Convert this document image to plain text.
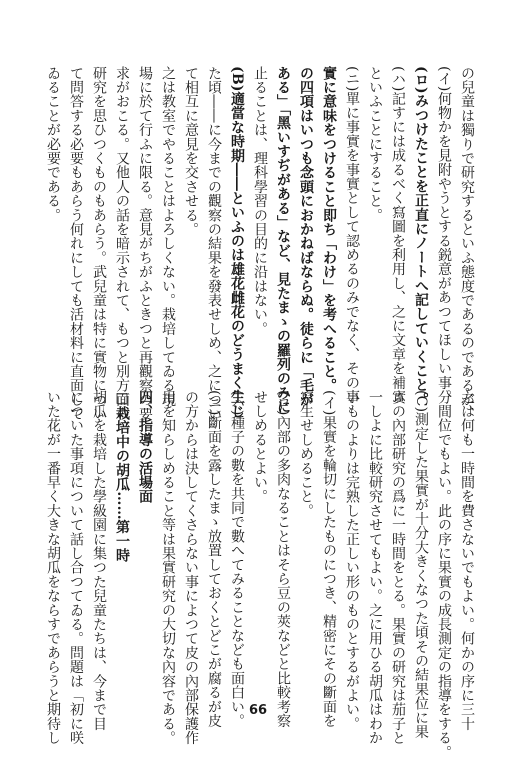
の兒童は獨りで研究するといふ態度であるのであるが、
(イ)何物かを見附やうとする鋭意があつてほしい事。
(ロ)みつけたことを正直にノートへ記していくこと。
(ハ)記すには成るべく寫圖を利用し、之に文章を補ふ
といふことにすること。
(ニ)單に事實を事實として認めるのみでなく、その事
實に意味をつけること即ち「わけ」を考へること。
の四項はいつも念頭におかねばならぬ。徒らに「毛が
ある」「黑いすぢがある」など、見たまゝの羅列のみに
止ることは、理科學習の目的に沿はない。
(B)適當な時期――といふのは雄花雌花のどうまく生じ
た頃――に今までの觀察の結果を發表せしめ、之につい
て相互に意見を交させる。
之は教室でやることはよろしくない。栽培してゐる現
場に於て行ふに限る。意見がちがふときつと再觀察の要
求がおこる。又他人の話を暗示されて、もつと別方面の
研究を思ひつくものもあらう。武兒童は特に實物につい
て問答する必要もあらう何れにしても活材料に直面して
ゐることが必要である。
之は何も一時間を費さないでもよい。何かの序に三十
分間位でもよい。此の序に果實の成長測定の指導をする。
(C)測定した果實が十分大きくなつた頃その結果位に果
實の內部研究の爲に一時間をとる。果實の研究は茄子と
一しよに比較研究させてもよい。之に用ひる胡瓜はわか
いものよりは完熟した正しい形のものとするがよい。
(イ)果實を輪切にしたものにつき、精密にその斷面を
寫生せしめること。
(ロ)內部の多肉なることはそら豆の莢などと比較考察
せしめるとよい。
(ハ)種子の數を共同で數へてみることなども面白い。
(ニ)斷面を露したまゝ放置しておくとどこが腐るが皮
の方からは決してくさらない事によつて皮の內部保護作
用を知らしめること等は果實研究の大切な內容である。
四、指導の活場面
□栽培中の胡瓜……第一時
胡瓜を栽培した學級園に集つた兒童たちは、今まで目
についた事項について話し合つてゐる。問題は「初に咲
いた花が一番早く大きな胡瓜をならすであらうと期待し	66
